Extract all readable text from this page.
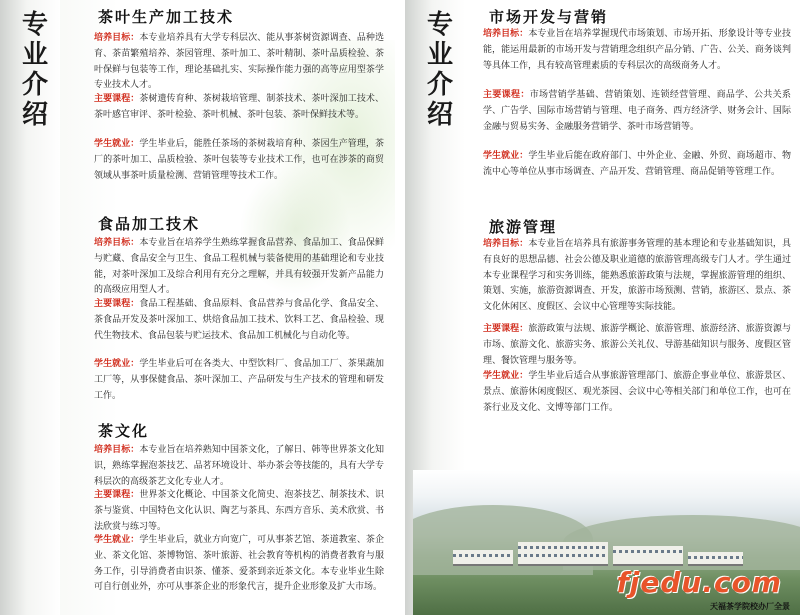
专业介绍
茶叶生产加工技术
培养目标：本专业培养具有大学专科层次、能从事茶树资源调查、品种选育、茶苗繁殖培养、茶园管理、茶叶加工、茶叶精制、茶叶品质检验、茶叶保鲜与包装等工作，理论基础扎实、实际操作能力强的高等应用型茶学专业技术人才。
主要课程：茶树遗传育种、茶树栽培管理、制茶技术、茶叶深加工技术、茶叶感官审评、茶叶检验、茶叶机械、茶叶包装、茶叶保鲜技术等。
学生就业：学生毕业后，能胜任茶场的茶树栽培育种、茶园生产管理，茶厂的茶叶加工、品质检验、茶叶包装等专业技术工作，也可在涉茶的商贸领域从事茶叶质量检测、营销管理等技术工作。
食品加工技术
培养目标：本专业旨在培养学生熟练掌握食品营养、食品加工、食品保鲜与贮藏、食品安全与卫生、食品工程机械与装备使用的基础理论和专业技能，对茶叶深加工及综合利用有充分之理解，并具有较强开发新产品能力的高级应用型人才。
主要课程：食品工程基础、食品原料、食品营养与食品化学、食品安全、茶食品开发及茶叶深加工、烘焙食品加工技术、饮料工艺、食品检验、现代生物技术、食品包装与贮运技术、食品加工机械化与自动化等。
学生就业：学生毕业后可在各类大、中型饮料厂、食品加工厂、茶果蔬加工厂等，从事保健食品、茶叶深加工、产品研发与生产技术的管理和研发工作。
茶文化
培养目标：本专业旨在培养熟知中国茶文化，了解日、韩等世界茶文化知识，熟练掌握泡茶技艺、品茗环境设计、举办茶会等技能的，具有大学专科层次的高级茶艺文化专业人才。
主要课程：世界茶文化概论、中国茶文化简史、泡茶技艺、制茶技术、识茶与鉴赏、中国特色文化认识、陶艺与茶具、东西方音乐、美术欣赏、书法欣赏与练习等。
学生就业：学生毕业后，就业方向宽广，可从事茶艺馆、茶道教室、茶企业、茶文化馆、茶博物馆、茶叶旅游、社会教育等机构的消费者教育与服务工作，引导消费者由识茶、懂茶、爱茶到亲近茶文化。本专业毕业生除可自行创业外，亦可从事茶企业的形象代言，提升企业形象及扩大市场。
专业介绍
市场开发与营销
培养目标：本专业旨在培养掌握现代市场策划、市场开拓、形象设计等专业技能，能运用最新的市场开发与营销理念组织产品分销、广告、公关、商务谈判等具体工作，具有较高管理素质的专科层次的高级商务人才。
主要课程：市场营销学基础、营销策划、连锁经营管理、商品学、公共关系学、广告学、国际市场营销与管理、电子商务、西方经济学、财务会计、国际金融与贸易实务、金融服务营销学、茶叶市场营销等。
学生就业：学生毕业后能在政府部门、中外企业、金融、外贸、商场超市、物流中心等单位从事市场调查、产品开发、营销管理、商品促销等管理工作。
旅游管理
培养目标：本专业旨在培养具有旅游事务管理的基本理论和专业基础知识，具有良好的思想品德、社会公德及职业道德的旅游管理高级专门人才。学生通过本专业课程学习和实务训练，能熟悉旅游政策与法规，掌握旅游管理的组织、策划、实施，旅游资源调查、开发，旅游市场预测、营销，旅游区、景点、茶文化休闲区、度假区、会议中心管理等实际技能。
主要课程：旅游政策与法规、旅游学概论、旅游管理、旅游经济、旅游资源与市场、旅游文化、旅游实务、旅游公关礼仪、导游基础知识与服务、度假区管理、餐饮管理与服务等。
学生就业：学生毕业后适合从事旅游管理部门、旅游企事业单位、旅游景区、景点、旅游休闲度假区、观光茶园、会议中心等相关部门和单位工作，也可在茶行业及文化、文博等部门工作。
fjedu.com
天福茶学院校办厂全景
